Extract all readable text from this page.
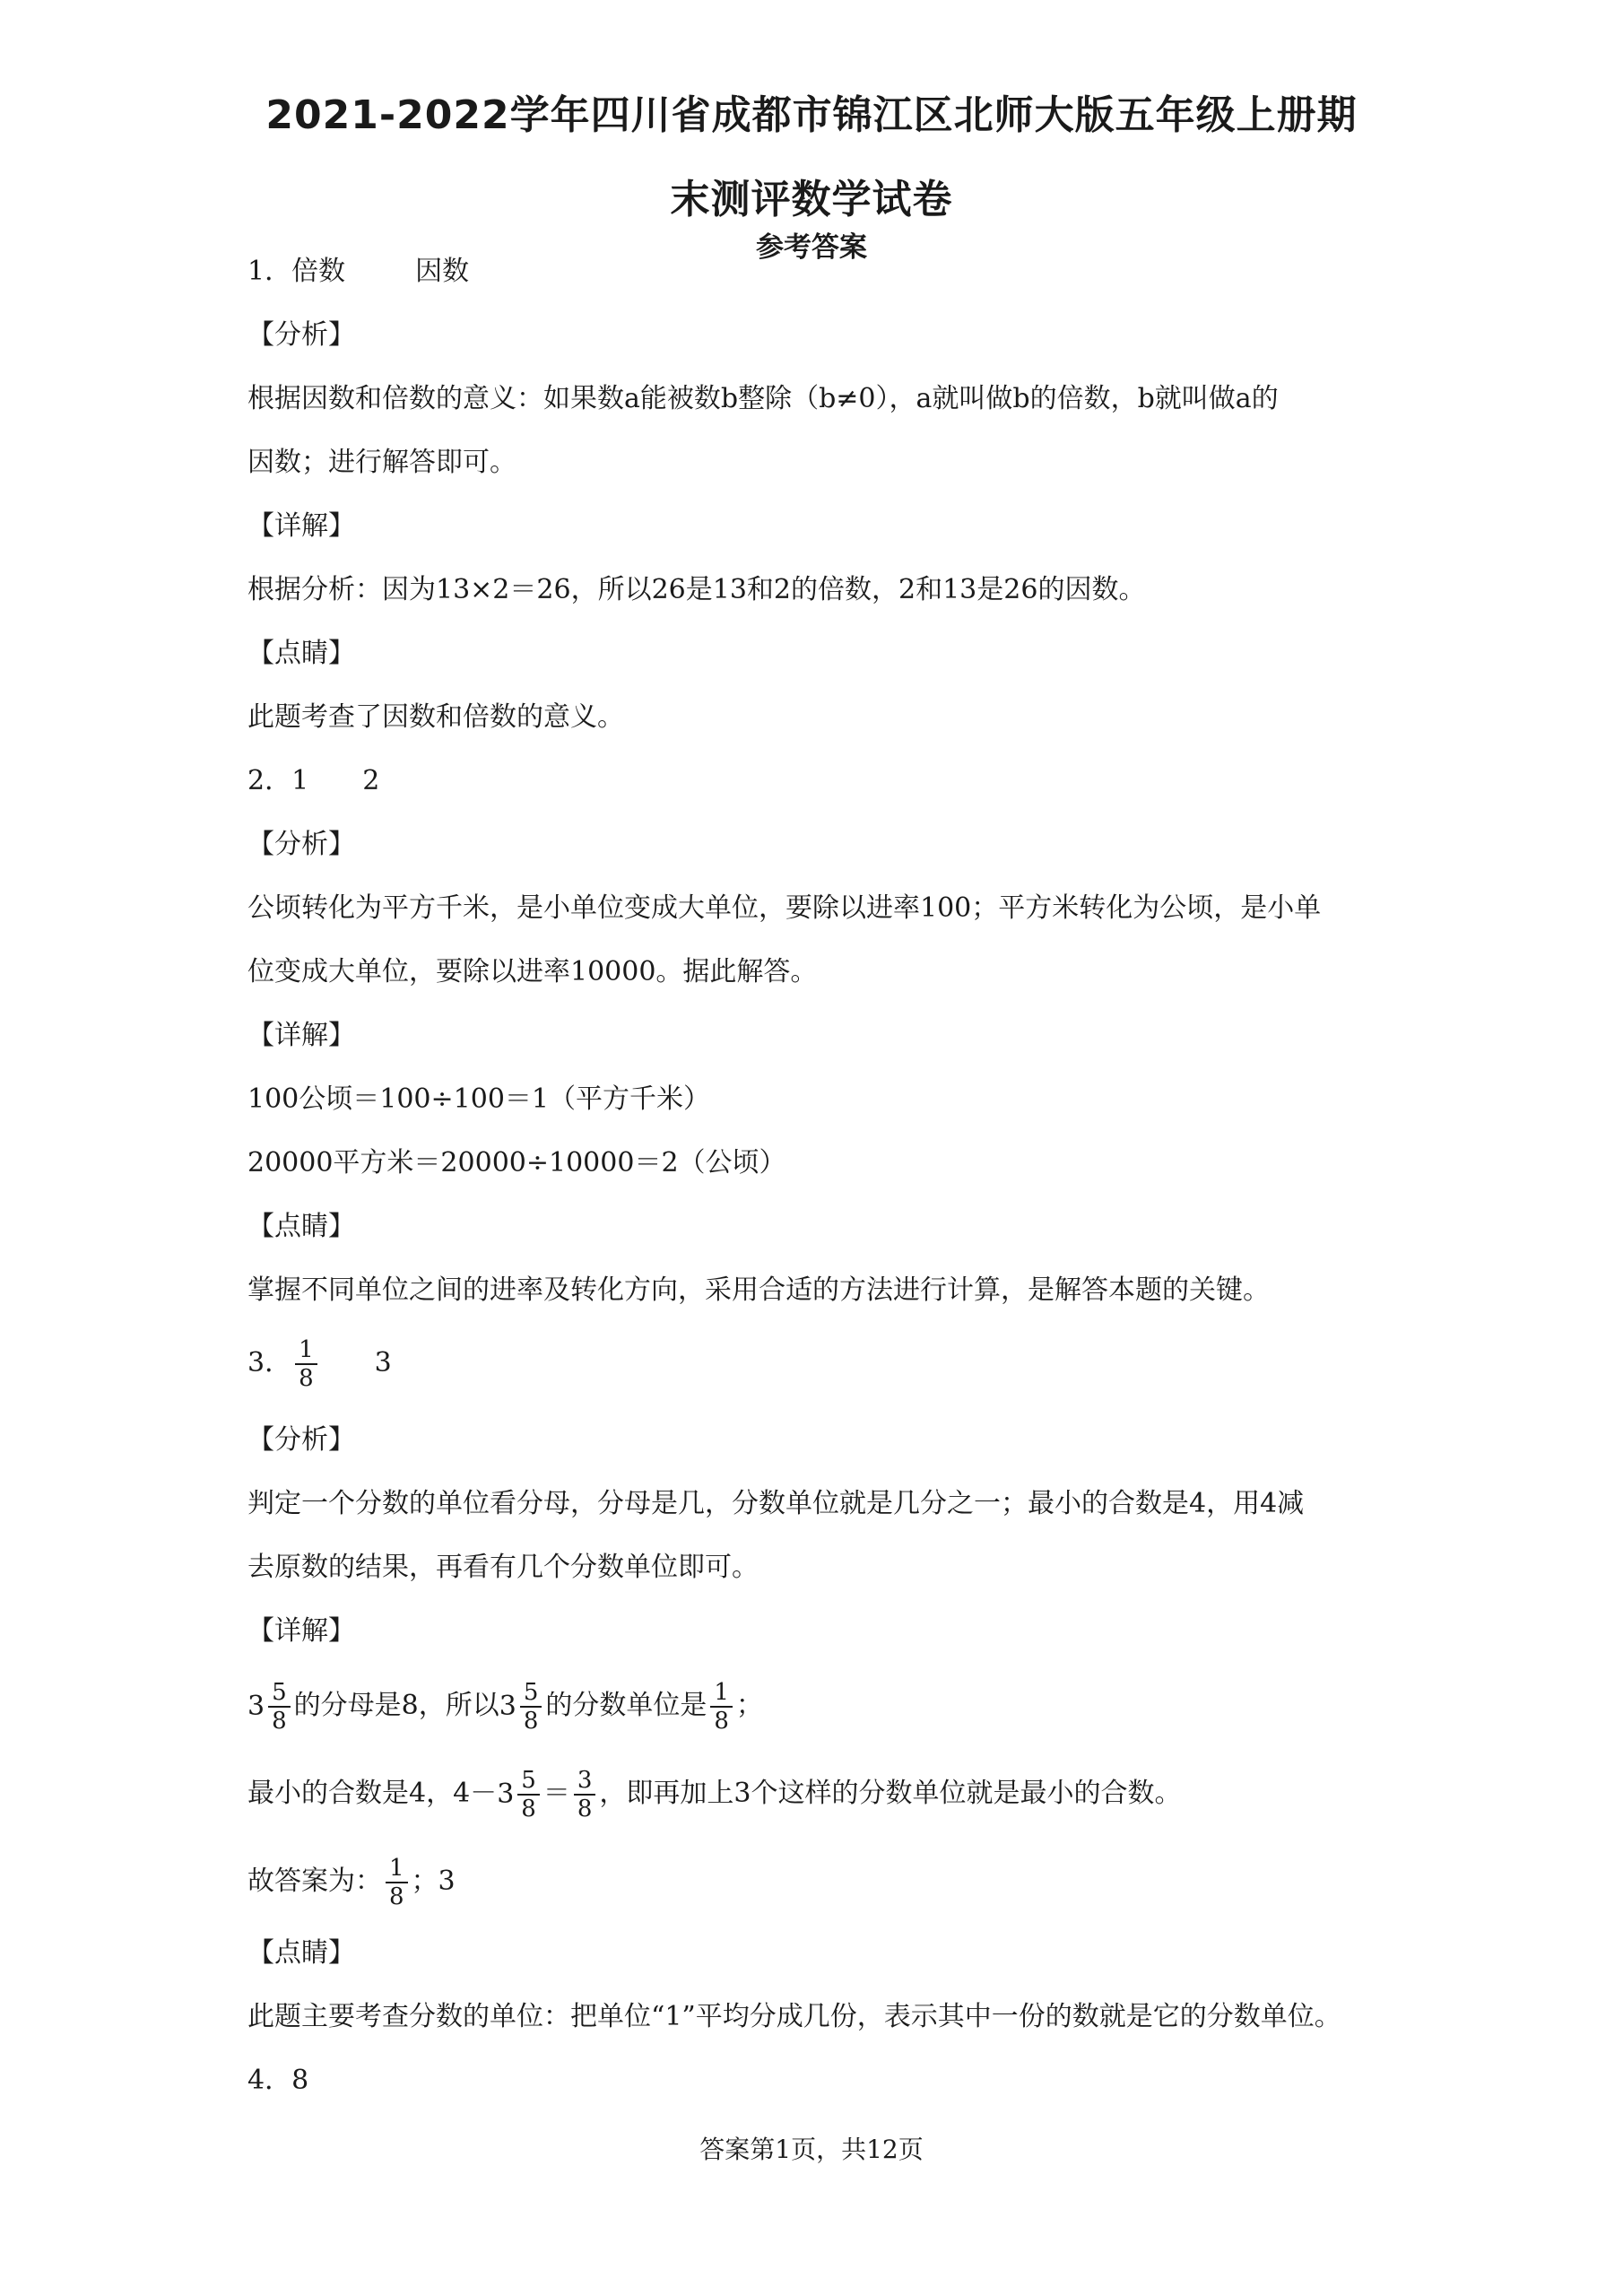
2021-2022学年四川省成都市锦江区北师大版五年级上册期
末测评数学试卷
参考答案
1．倍数	因数
【分析】
根据因数和倍数的意义：如果数a能被数b整除（b≠0），a就叫做b的倍数，b就叫做a的
因数；进行解答即可。
【详解】
根据分析：因为13×2＝26，所以26是13和2的倍数，2和13是26的因数。
【点睛】
此题考查了因数和倍数的意义。
2．1 2
【分析】
公顷转化为平方千米，是小单位变成大单位，要除以进率100；平方米转化为公顷，是小单
位变成大单位，要除以进率10000。据此解答。
【详解】
100公顷＝100÷100＝1（平方千米）
20000平方米＝20000÷10000＝2（公顷）
【点睛】
掌握不同单位之间的进率及转化方向，采用合适的方法进行计算，是解答本题的关键。
3． $\frac{1}{8} 3$
【分析】
判定一个分数的单位看分母，分母是几，分数单位就是几分之一；最小的合数是4，用4减
去原数的结果，再看有几个分数单位即可。
【详解】
$3 \frac{5}{8}$ 的分母是8，所以$3 \frac{5}{8}$ 的分数单位是 $\frac{1}{8}$ ；
最小的合数是4，$4-3 \frac{5}{8} = \frac{3}{8}$ ，即再加上3个这样的分数单位就是最小的合数。
故答案为： $\frac{1}{8}$ ；3
【点睛】
此题主要考查分数的单位：把单位“1”平均分成几份，表示其中一份的数就是它的分数单位。
4．8
答案第1页，共12页
